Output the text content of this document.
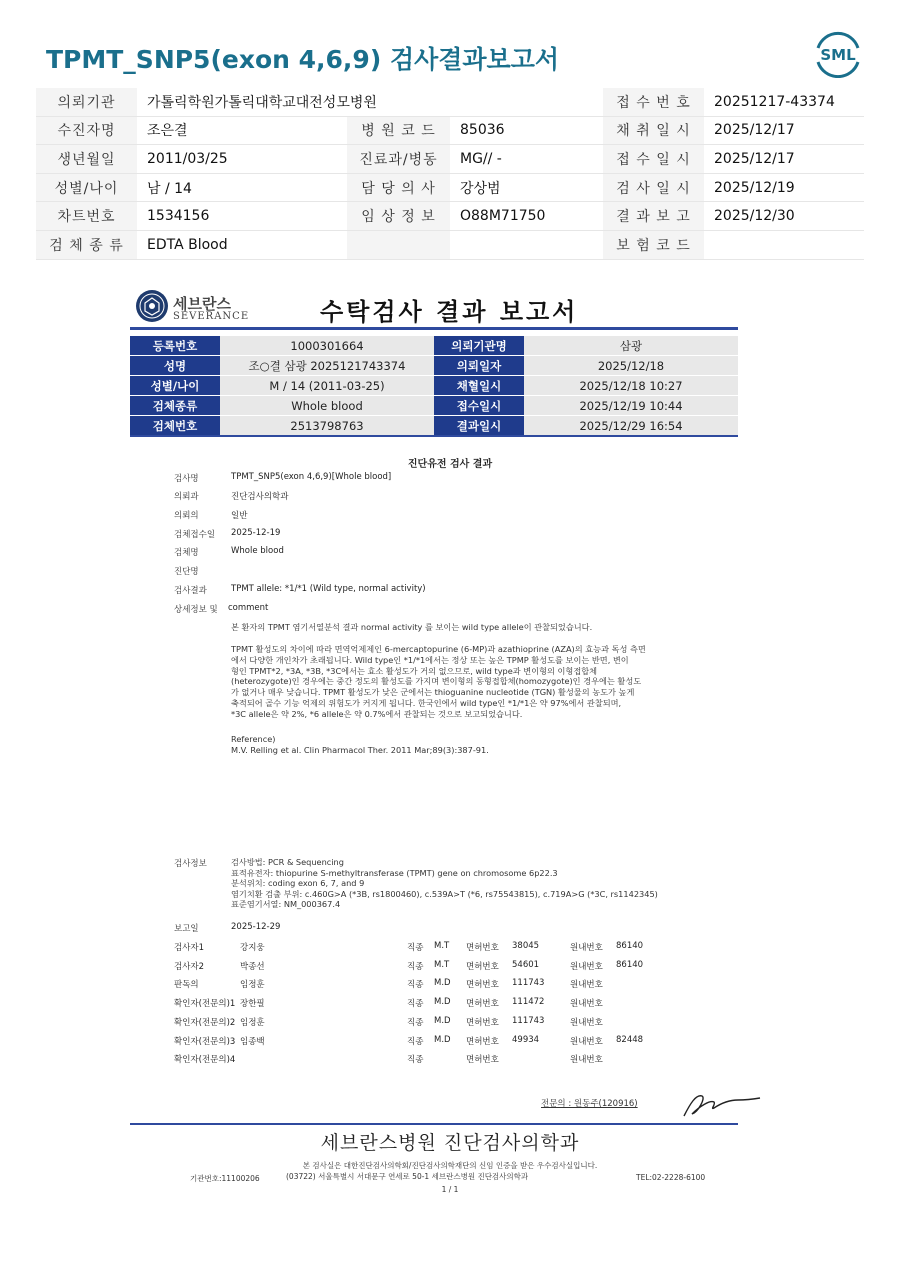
TPMT_SNP5(exon 4,6,9) 검사결과보고서	SML
의뢰기관	가톨릭학원가톨릭대학교대전성모병원			접 수 번 호	20251217-43374
수진자명	조은결	병 원 코 드	85036	채 취 일 시	2025/12/17
생년월일	2011/03/25	진료과/병동	MG// -	접 수 일 시	2025/12/17
성별/나이	남 / 14	담 당 의 사	강상범	검 사 일 시	2025/12/19
차트번호	1534156	임 상 정 보	O88M71750	결 과 보 고	2025/12/30
검 체 종 류	EDTA Blood			보 험 코 드	
세브란스
SEVERANCE	수탁검사 결과 보고서
등록번호	1000301664	의뢰기관명	삼광
성명	조○결 삼광 2025121743374	의뢰일자	2025/12/18
성별/나이	M / 14 (2011-03-25)	채혈일시	2025/12/18 10:27
검체종류	Whole blood	접수일시	2025/12/19 10:44
검체번호	2513798763	결과일시	2025/12/29 16:54
진단유전 검사 결과
검사명	TPMT_SNP5(exon 4,6,9)[Whole blood]
의뢰과	진단검사의학과
의뢰의	일반
검체접수일 2025-12-19
검체명	Whole blood
진단명
검사결과	TPMT allele: *1/*1 (Wild type, normal activity)
상세정보 및 comment
본 환자의 TPMT 염기서열분석 결과 normal activity 를 보이는 wild type allele이 관찰되었습니다.
TPMT 활성도의 차이에 따라 면역억제제인 6-mercaptopurine (6-MP)과 azathioprine (AZA)의 효능과 독성 측면
에서 다양한 개인차가 초래됩니다. Wild type인 *1/*1에서는 정상 또는 높은 TPMP 활성도를 보이는 반면, 변이
형인 TPMT*2, *3A, *3B, *3C에서는 효소 활성도가 거의 없으므로, wild type과 변이형의 이형접합체
(heterozygote)인 경우에는 중간 정도의 활성도를 가지며 변이형의 동형접합체(homozygote)인 경우에는 활성도
가 없거나 매우 낮습니다. TPMT 활성도가 낮은 군에서는 thioguanine nucleotide (TGN) 활성물의 농도가 높게
축적되어 골수 기능 억제의 위험도가 커지게 됩니다. 한국인에서 wild type인 *1/*1은 약 97%에서 관찰되며,
*3C allele은 약 2%, *6 allele은 약 0.7%에서 관찰되는 것으로 보고되었습니다.
Reference)
M.V. Relling et al. Clin Pharmacol Ther. 2011 Mar;89(3):387-91.
검사정보	검사방법: PCR & Sequencing
표적유전자: thiopurine S-methyltransferase (TPMT) gene on chromosome 6p22.3
분석위치: coding exon 6, 7, and 9
염기치환 검출 부위: c.460G>A (*3B, rs1800460), c.539A>T (*6, rs75543815), c.719A>G (*3C, rs1142345)
표준염기서열: NM_000367.4
보고일	2025-12-29
검사자1	강지웅	직종 M.T 면허번호 38045	원내번호 86140
검사자2	박종선	직종 M.T 면허번호 54601	원내번호 86140
판독의	임정훈	직종 M.D 면허번호 111743	원내번호
확인자(전문의)1 장한필	직종 M.D 면허번호 111472	원내번호
확인자(전문의)2 임정훈	직종 M.D 면허번호 111743	원내번호
확인자(전문의)3 임종백	직종 M.D 면허번호 49934	원내번호 82448
확인자(전문의)4	직종	면허번호	원내번호
전문의 : 원동주(120916)
세브란스병원 진단검사의학과
본 검사실은 대한진단검사의학회/진단검사의학재단의 신임 인증을 받은 우수검사실입니다.
기관번호:11100206	(03722) 서울특별시 서대문구 연세로 50-1 세브란스병원 진단검사의학과	TEL:02-2228-6100
1 / 1
